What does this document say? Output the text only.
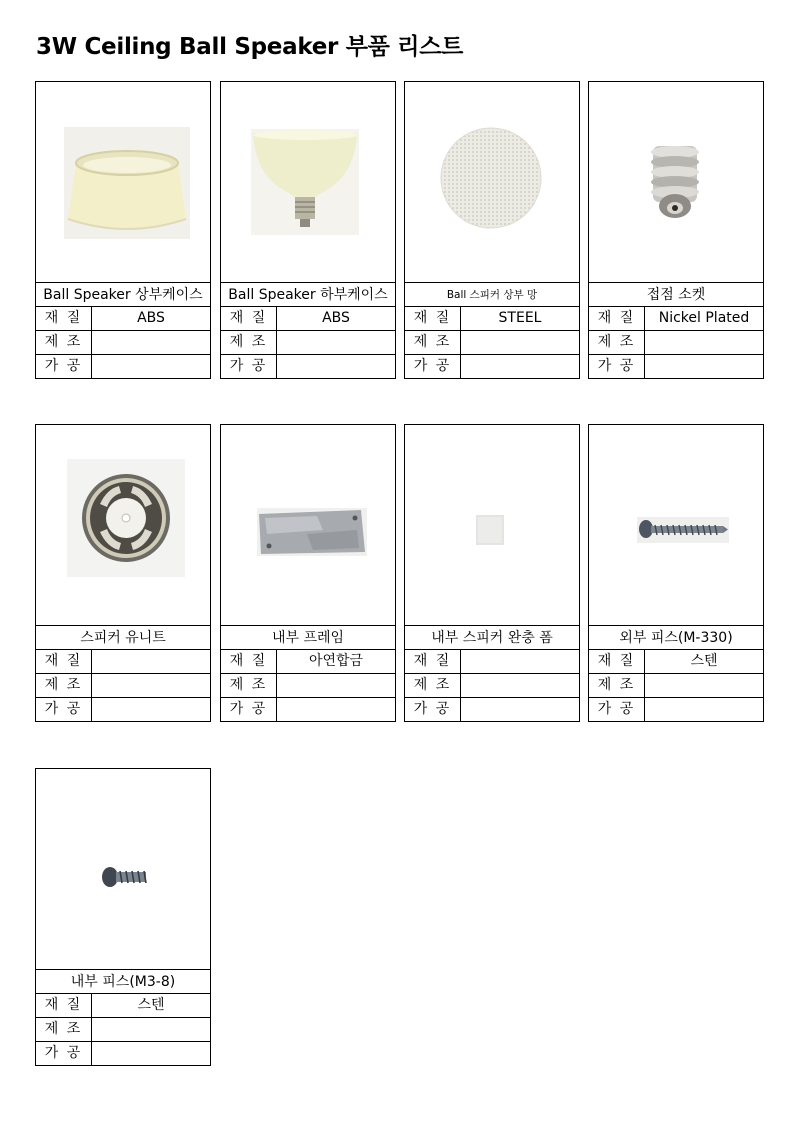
3W Ceiling Ball Speaker 부품 리스트
Ball Speaker 상부케이스
재 질	ABS
제 조
가 공
Ball Speaker 하부케이스
재 질	ABS
제 조
가 공
Ball 스피커 상부 망
재 질	STEEL
제 조
가 공
접점 소켓
재 질	Nickel Plated
제 조
가 공
스피커 유니트
재 질
제 조
가 공
내부 프레임
재 질	아연합금
제 조
가 공
내부 스피커 완충 폼
재 질
제 조
가 공
외부 피스(M-330)
재 질	스텐
제 조
가 공
내부 피스(M3-8)
재 질	스텐
제 조
가 공
